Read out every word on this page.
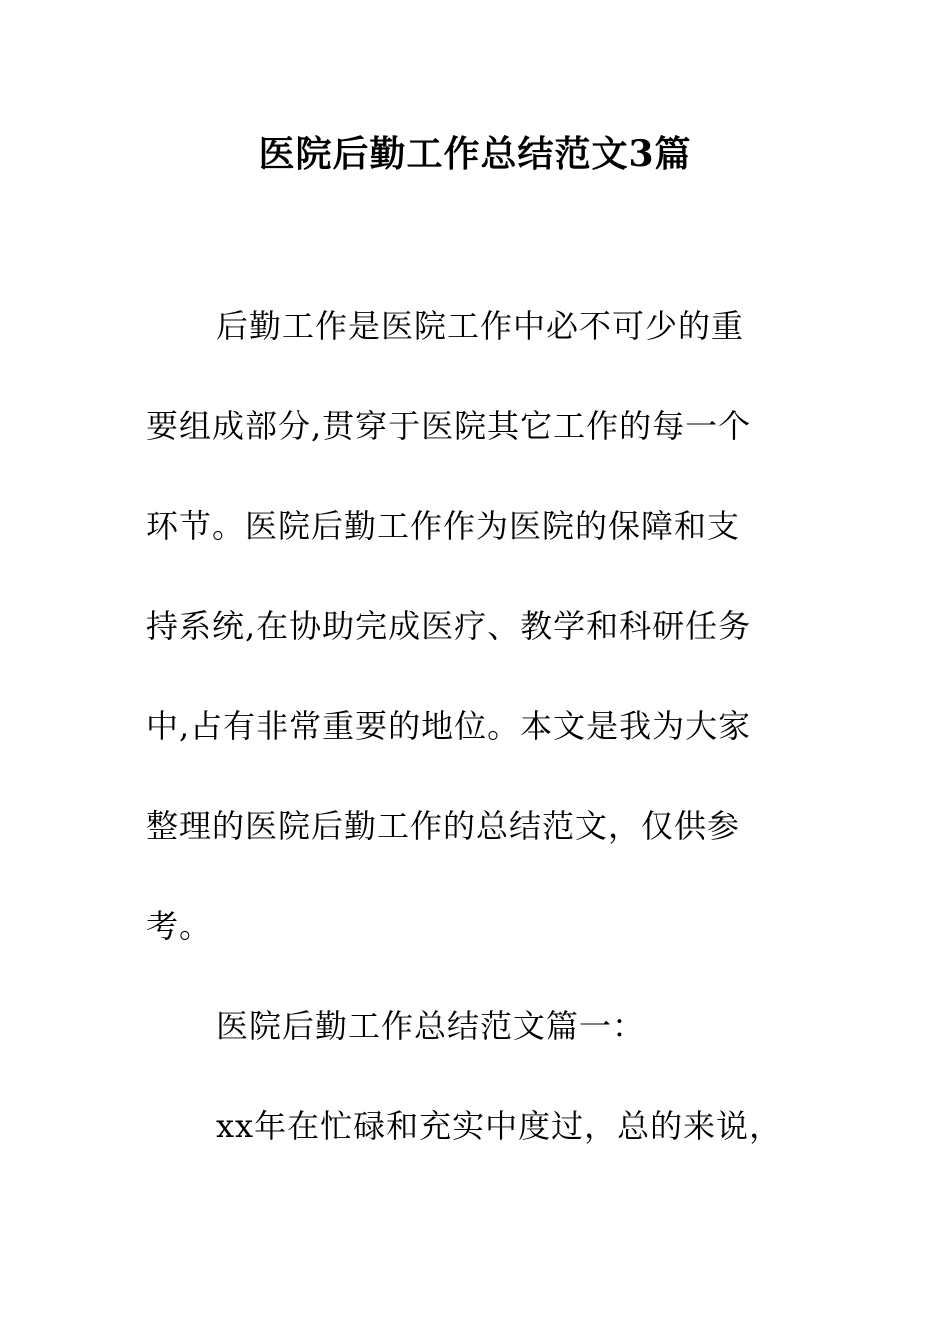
医院后勤工作总结范文3篇
后勤工作是医院工作中必不可少的重
要组成部分,贯穿于医院其它工作的每一个
环节。医院后勤工作作为医院的保障和支
持系统,在协助完成医疗、教学和科研任务
中,占有非常重要的地位。本文是我为大家
整理的医院后勤工作的总结范文，仅供参
考。
医院后勤工作总结范文篇一：
xx年在忙碌和充实中度过，总的来说，
